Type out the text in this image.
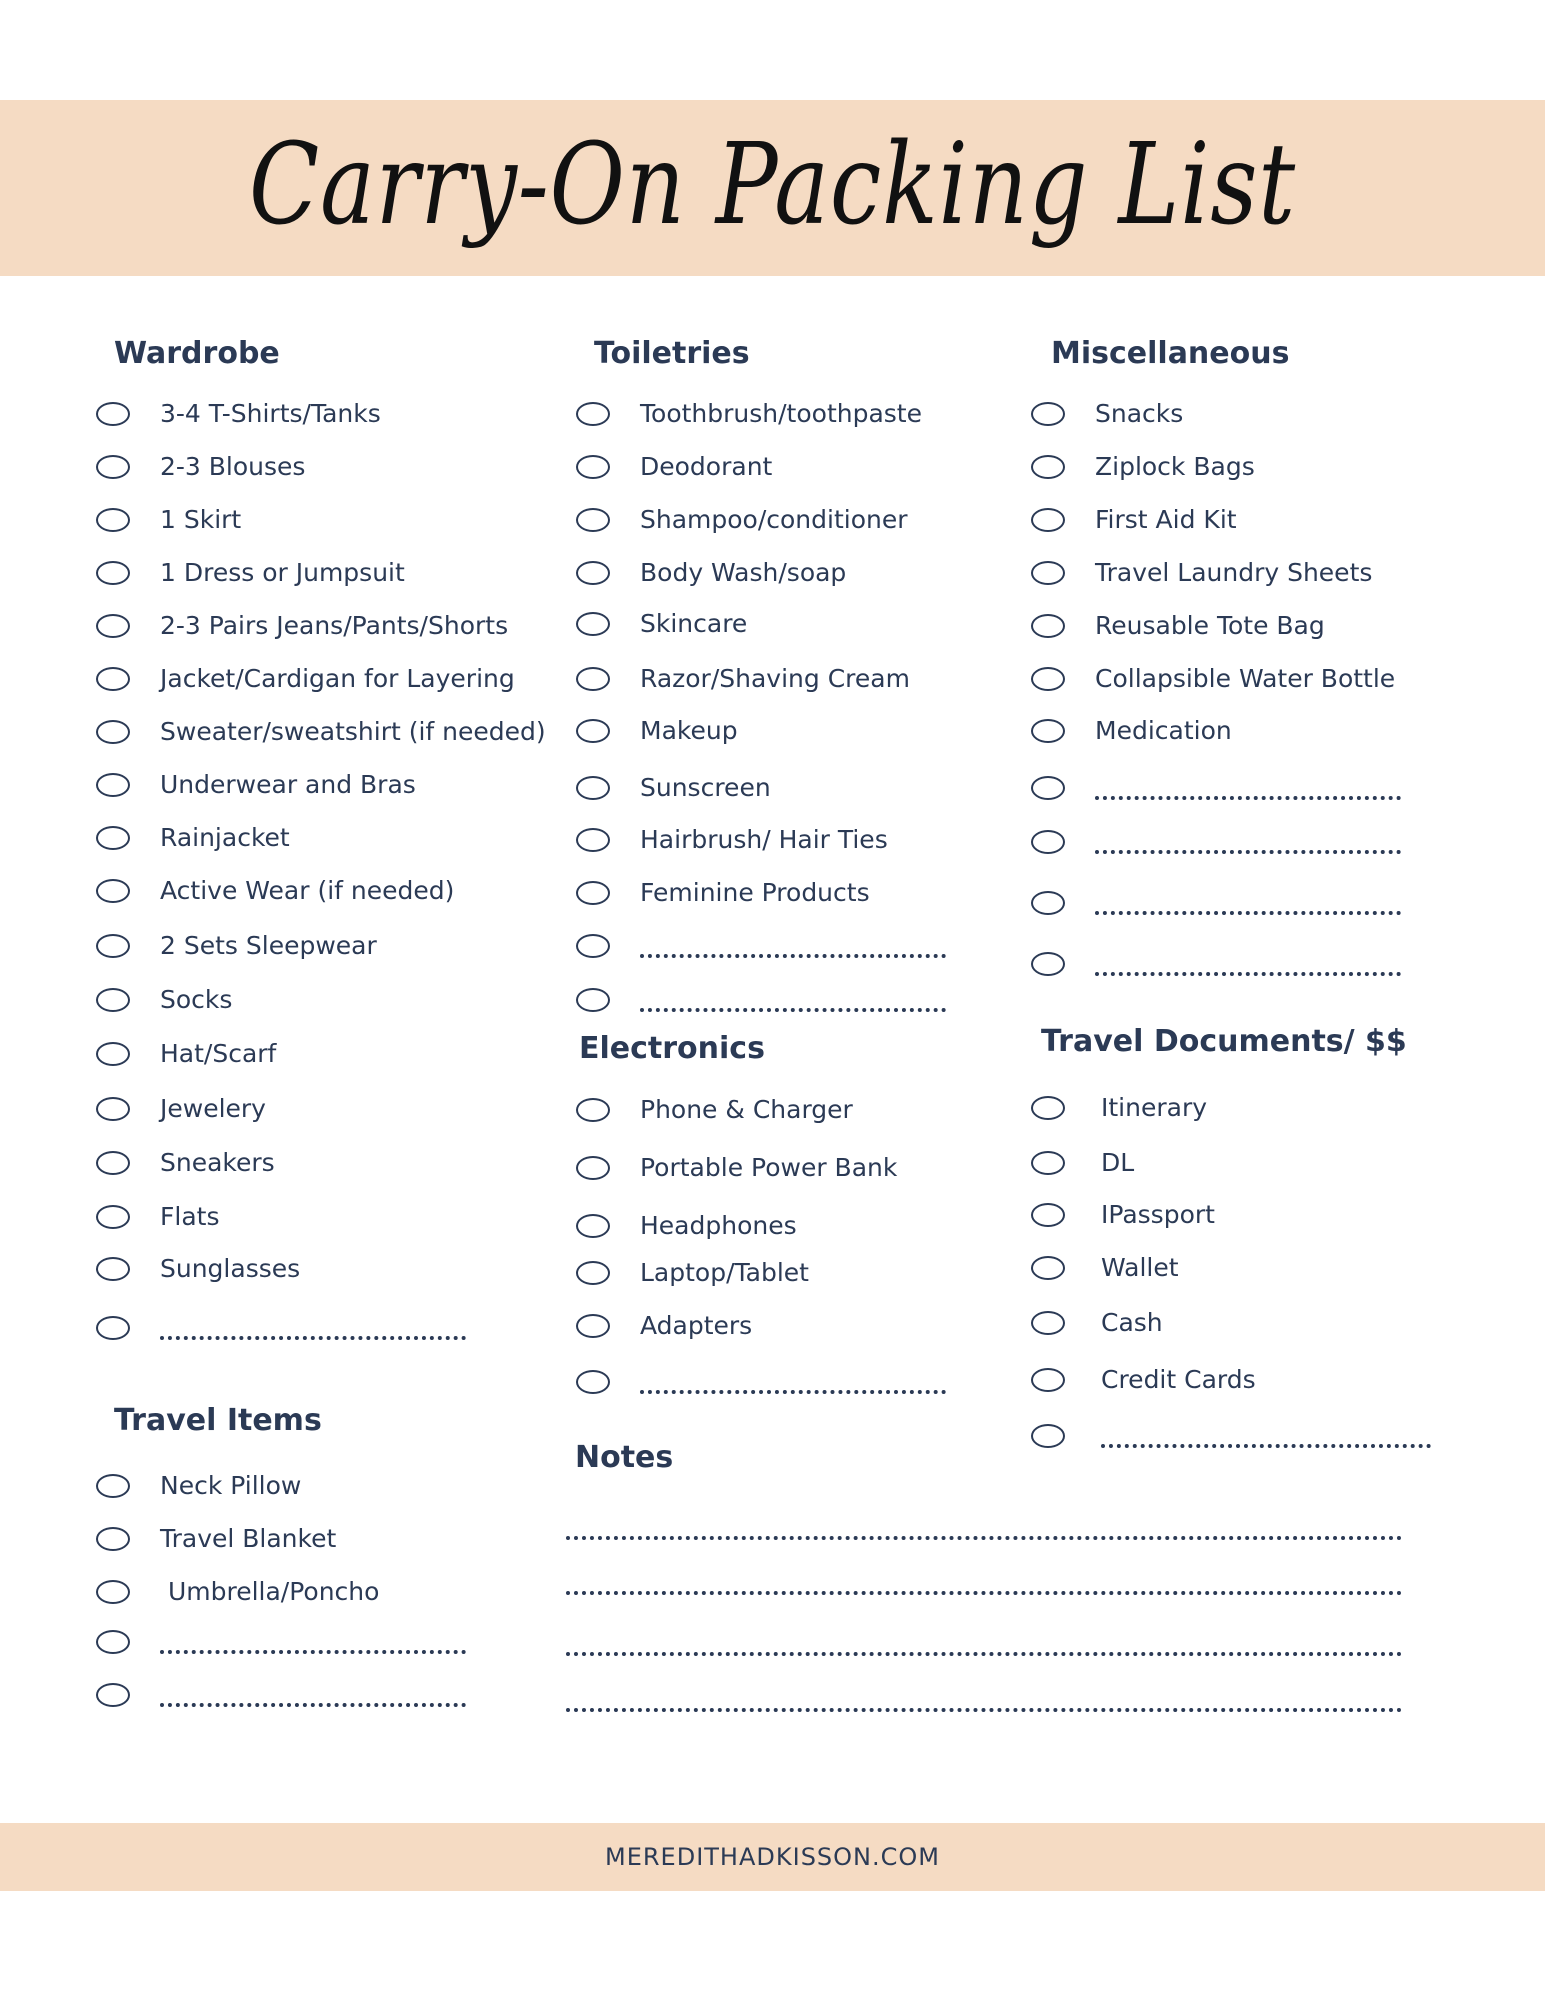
Carry-On Packing List
Wardrobe
3-4 T-Shirts/Tanks
2-3 Blouses
1 Skirt
1 Dress or Jumpsuit
2-3 Pairs Jeans/Pants/Shorts
Jacket/Cardigan for Layering
Sweater/sweatshirt (if needed)
Underwear and Bras
Rainjacket
Active Wear (if needed)
2 Sets Sleepwear
Socks
Hat/Scarf
Jewelery
Sneakers
Flats
Sunglasses
Travel Items
Neck Pillow
Travel Blanket
Umbrella/Poncho
Toiletries
Toothbrush/toothpaste
Deodorant
Shampoo/conditioner
Body Wash/soap
Skincare
Razor/Shaving Cream
Makeup
Sunscreen
Hairbrush/ Hair Ties
Feminine Products
Electronics
Phone & Charger
Portable Power Bank
Headphones
Laptop/Tablet
Adapters
Notes
Miscellaneous
Snacks
Ziplock Bags
First Aid Kit
Travel Laundry Sheets
Reusable Tote Bag
Collapsible Water Bottle
Medication
Travel Documents/ $$
Itinerary
DL
IPassport
Wallet
Cash
Credit Cards
MEREDITHADKISSON.COM
